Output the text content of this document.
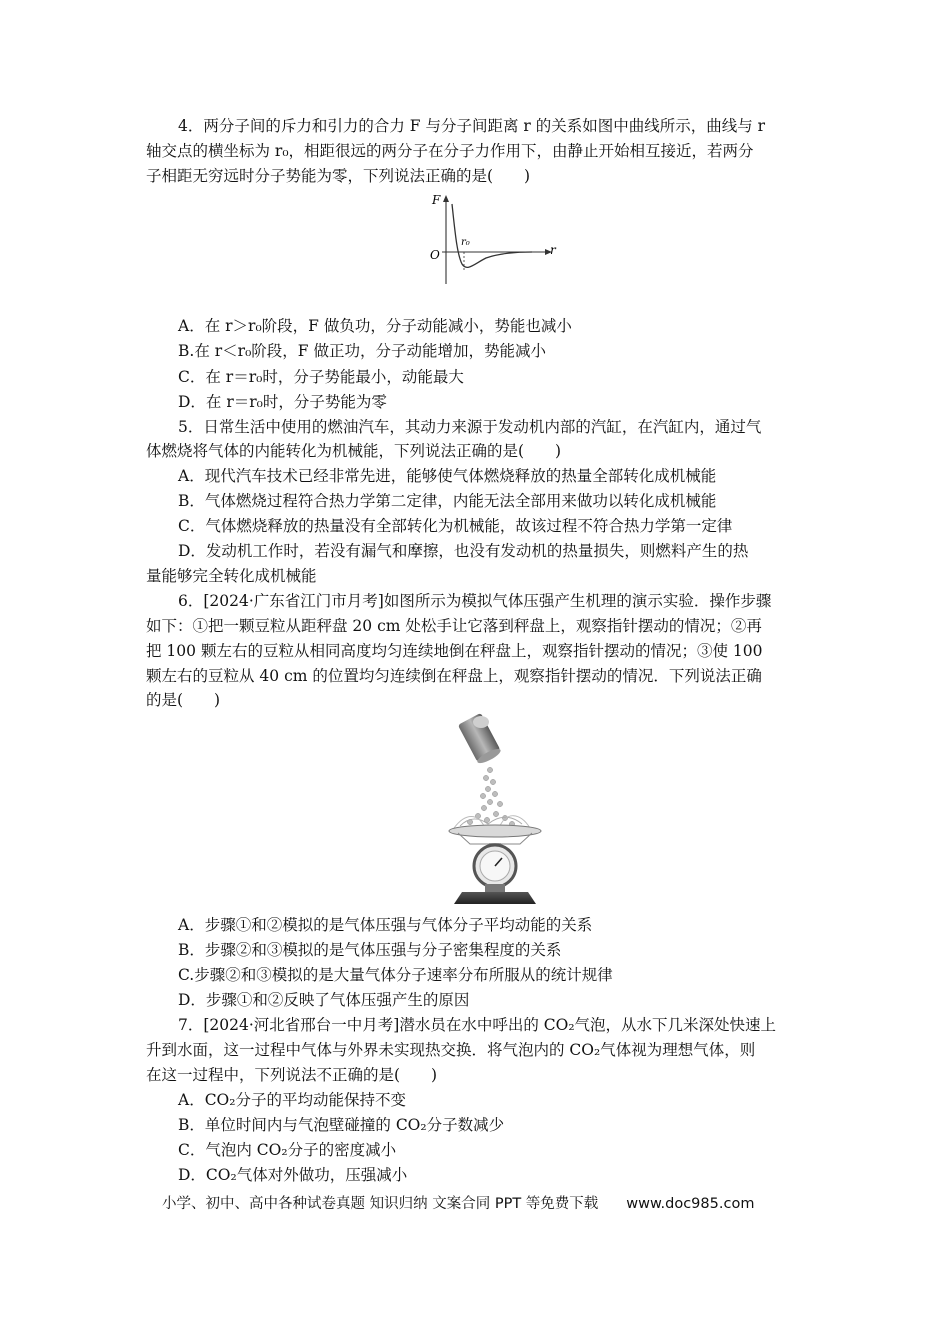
4．两分子间的斥力和引力的合力 F 与分子间距离 r 的关系如图中曲线所示，曲线与 r
轴交点的横坐标为 r₀，相距很远的两分子在分子力作用下，由静止开始相互接近，若两分
子相距无穷远时分子势能为零，下列说法正确的是(　　)
F
O
r₀
r
A．在 r＞r₀阶段，F 做负功，分子动能减小，势能也减小
B.在 r＜r₀阶段，F 做正功，分子动能增加，势能减小
C．在 r＝r₀时，分子势能最小，动能最大
D．在 r＝r₀时，分子势能为零
5．日常生活中使用的燃油汽车，其动力来源于发动机内部的汽缸，在汽缸内，通过气
体燃烧将气体的内能转化为机械能，下列说法正确的是(　　)
A．现代汽车技术已经非常先进，能够使气体燃烧释放的热量全部转化成机械能
B．气体燃烧过程符合热力学第二定律，内能无法全部用来做功以转化成机械能
C．气体燃烧释放的热量没有全部转化为机械能，故该过程不符合热力学第一定律
D．发动机工作时，若没有漏气和摩擦，也没有发动机的热量损失，则燃料产生的热
量能够完全转化成机械能
6．[2024·广东省江门市月考]如图所示为模拟气体压强产生机理的演示实验．操作步骤
如下：①把一颗豆粒从距秤盘 20 cm 处松手让它落到秤盘上，观察指针摆动的情况；②再
把 100 颗左右的豆粒从相同高度均匀连续地倒在秤盘上，观察指针摆动的情况；③使 100
颗左右的豆粒从 40 cm 的位置均匀连续倒在秤盘上，观察指针摆动的情况．下列说法正确
的是(　　)
A．步骤①和②模拟的是气体压强与气体分子平均动能的关系
B．步骤②和③模拟的是气体压强与分子密集程度的关系
C.步骤②和③模拟的是大量气体分子速率分布所服从的统计规律
D．步骤①和②反映了气体压强产生的原因
7．[2024·河北省邢台一中月考]潜水员在水中呼出的 CO₂气泡，从水下几米深处快速上
升到水面，这一过程中气体与外界未实现热交换．将气泡内的 CO₂气体视为理想气体，则
在这一过程中，下列说法不正确的是(　　)
A．CO₂分子的平均动能保持不变
B．单位时间内与气泡壁碰撞的 CO₂分子数减少
C．气泡内 CO₂分子的密度减小
D．CO₂气体对外做功，压强减小
小学、初中、高中各种试卷真题 知识归纳 文案合同 PPT 等免费下载 www.doc985.com
